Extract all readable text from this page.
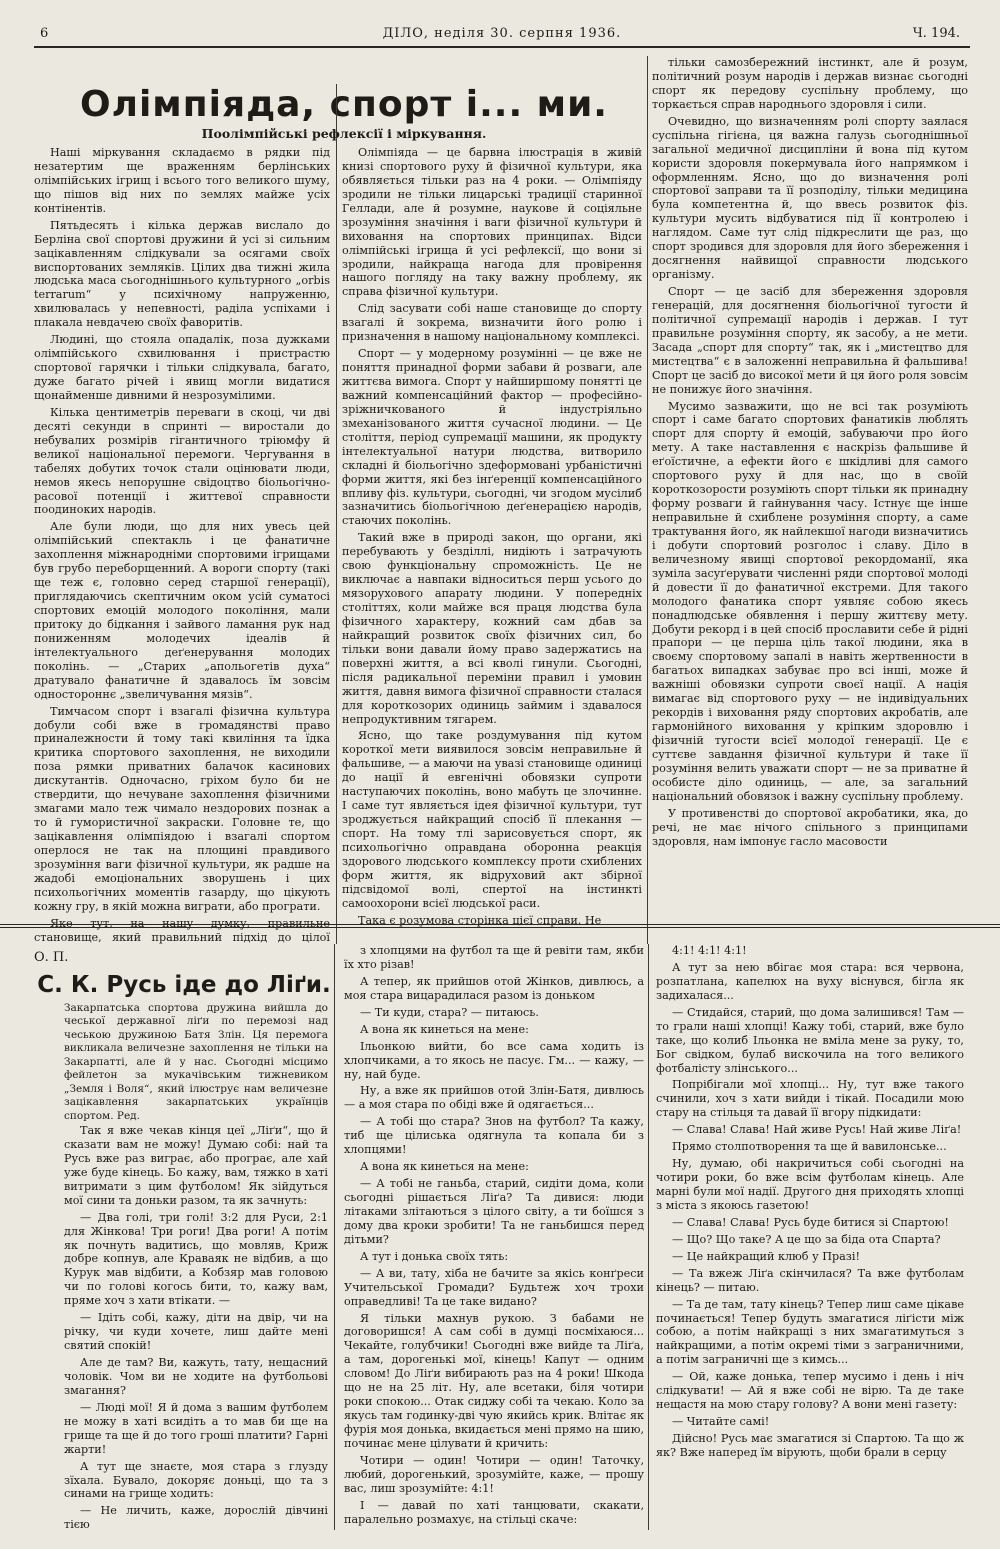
6	ДІЛО, неділя 30. серпня 1936.	Ч. 194.
Олімпіяда, спорт і... ми.
Поолімпійські рефлексії і міркування.

Наші міркування складаємо в рядки під незатертим ще враженням берлінських олімпійських ігрищ і всього того великого шуму, що пішов від них по землях майже усіх контінентів.

Пятьдесять і кілька держав вислало до Берліна свої спортові дружини й усі зі сильним зацікавленням слідкували за осягами своїх виспортованих земляків. Цілих два тижні жила людська маса сьогоднішнього культурного „orbis terrarum“ у психічному напруженню, хвилювалась у непевності, раділа успіхами і плакала невдачею своїх фаворитів.

Людині, що стояла опадалік, поза дужками олімпійського схвилювання і пристрастю спортової гарячки і тільки слідкувала, багато, дуже багато річей і явищ могли видатися щонайменше дивними й незрозумілими.

Кілька центиметрів переваги в скоці, чи дві десяті секунди в спринті — виростали до небувалих розмірів гігантичного тріюмфу й великої національної перемоги. Чергування в табелях добутих точок стали оцінювати люди, немов якесь непорушне свідоцтво біольогічно-расової потенції і життевої справности поодиноких народів.

Але були люди, що для них увесь цей олімпійський спектакль і це фанатичне захоплення міжнародніми спортовими ігрищами був грубо переборщенний. А вороги спорту (такі ще теж є, головно серед старшої генерації), приглядаючись скептичним оком усій суматосі спортових емоцій молодого покоління, мали притоку до бідкання і зайвого ламання рук над пониженням молодечих ідеалів й інтелектуального деґенерування молодих поколінь. — „Старих „апольогетів духа“ дратувало фанатичне й здавалось їм зовсім одностороннє „звеличування мязів“.

Тимчасом спорт і взагалі фізична культура добули собі вже в громадянстві право приналежности й тому такі квиління та їдка критика спортового захоплення, не виходили поза рямки приватних балачок касинових дискутантів. Одночасно, гріхом було би не ствердити, що нечуване захоплення фізичними змагами мало теж чимало нездорових познак а то й гумористичної закраски. Головне те, що зацікавлення олімпіядою і взагалі спортом оперлося не так на площині правдивого зрозуміння ваги фізичної культури, як радше на жадобі емоціональних зворушень і цих психольогічних моментів газарду, що цікують кожну гру, в якій можна виграти, або програти.

Яке тут, на нашу думку, правильне становище, який правильний підхід до цілої

Олімпіяда — це барвна ілюстрація в живій книзі спортового руху й фізичної культури, яка обявляється тільки раз на 4 роки. — Олімпіяду зродили не тільки лицарські традиції старинної Геллади, але й розумне, наукове й соціяльне зрозуміння значіння і ваги фізичної культури й виховання на спортових принципах. Відси олімпійські ігрища й усі рефлексії, що вони зі зродили, найкраща нагода для провірення нашого погляду на таку важну проблему, як справа фізичної культури.

Слід засувати собі наше становище до спорту взагалі й зокрема, визначити його ролю і призначення в нашому національному комплексі.

Спорт — у модерному розумінні — це вже не поняття принадної форми забави й розваги, але життєва вимога. Спорт у найширшому понятті це важний компенсаційний фактор — професійно-зріжничкованого й індустріяльно змеханізованого життя сучасної людини. — Це століття, період супремації машини, як продукту інтелектуальної натури людства, витворило складні й біольогічно здеформовані урбаністичні форми життя, які без інґеренції компенсаційного впливу фіз. культури, сьогодні, чи згодом мусілиб зазначитись біольогічною деґенерацією народів, стаючих поколінь.

Такий вже в природі закон, що органи, які перебувають у безділлі, нидіють і затрачують свою функціональну спроможність. Це не виключає а навпаки відноситься перш усього до мязорухового апарату людини. У попередніх століттях, коли майже вся праця людства була фізичного характеру, кожний сам дбав за найкращий розвиток своїх фізичних сил, бо тільки вони давали йому право задержатись на поверхні життя, а всі кволі гинули. Сьогодні, після радикальної переміни правил і умовин життя, давня вимога фізичної справности сталася для короткозорих одиниць займим і здавалося непродуктивним тягарем.

Ясно, що таке роздумування під кутом короткої мети виявилося зовсім неправильне й фальшиве, — а маючи на увазі становище одиниці до нації й евгенічні обовязки супроти наступаючих поколінь, воно мабуть це злочинне. І саме тут являється ідея фізичної культури, тут зроджується найкращий спосіб її плекання — спорт. На тому тлі зарисовується спорт, як психольогічно оправдана оборонна реакція здорового людського комплексу проти схиблених форм життя, як відруховий акт збірної підсвідомої волі, спертої на інстинкті самоохорони всієї людської раси.

Така є розумова сторінка цієї справи. Не

тільки самозбережний інстинкт, але й розум, політичний розум народів і держав визнає сьогодні спорт як передову суспільну проблему, що торкається справ народнього здоровля і сили.

Очевидно, що визначенням ролі спорту заялася суспільна гігієна, ця важна галузь сьогоднішньої загальної медичної дисципліни й вона під кутом користи здоровля покермувала його напрямком і оформленням. Ясно, що до визначення ролі спортової заправи та її розподілу, тільки медицина була компетентна й, що ввесь розвиток фіз. культури мусить відбуватися під її контролею і наглядом. Саме тут слід підкреслити ще раз, що спорт зродився для здоровля для його збереження і досягнення найвищої справности людського організму.

Спорт — це засіб для збереження здоровля генерацій, для досягнення біольогічної тугости й політичної супремації народів і держав. І тут правильне розуміння спорту, як засобу, а не мети. Засада „спорт для спорту“ так, як і „мистецтво для мистецтва“ є в заложенні неправильна й фальшива! Спорт це засіб до високої мети й ця його роля зовсім не понижує його значіння.

Мусимо зазважити, що не всі так розуміють спорт і саме багато спортових фанатиків люблять спорт для спорту й емоцій, забуваючи про його мету. А таке наставлення є наскрізь фальшиве й еґоїстичне, а ефекти його є шкідливі для самого спортового руху й для нас, що в своїй короткозорости розуміють спорт тільки як принадну форму розваги й гайнування часу. Істнує ще інше неправильне й схиблене розуміння спорту, а саме трактування його, як найлекшої нагоди визначитись і добути спортовий розголос і славу. Діло в величезному явищі спортової рекордоманії, яка зуміла засуґерувати численні ряди спортової молоді й довести її до фанатичної екстреми. Для такого молодого фанатика спорт уявляє собою якесь понадлюдське обявлення і першу життєву мету. Добути рекорд і в цей спосіб прославити себе й рідні прапори — це перша ціль такої людини, яка в своєму спортовому запалі в навіть жертвенности в багатьох випадках забуває про всі інші, може й важніші обовязки супроти своєї нації. А нація вимагає від спортового руху — не індивідуальних рекордів і виховання ряду спортових акробатів, але гармонійного виховання у кріпким здоровлю і фізичній тугости всієї молодої генерації. Це є суттєве завдання фізичної культури й таке її розуміння велить уважати спорт — не за приватне й особисте діло одиниць, — але, за загальний національний обовязок і важну суспільну проблему.

У противенстві до спортової акробатики, яка, до речі, не має нічого спільного з принципами здоровля, нам імпонує гасло масовости

О. П.
С. К. Русь іде до Ліґи.
Закарпатська спортова дружина вийшла до чеської державної ліґи по перемозі над чеською дружиною Батя Злін. Ця перемога викликала величезне захоплення не тільки на Закарпатті, але й у нас. Сьогодні місцимо фейлетон за мукачівським тижневиком „Земля і Воля“, який ілюструє нам величезне зацікавлення закарпатських українців спортом. Ред.

Так я вже чекав кінця цеї „Ліґи“, що й сказати вам не можу! Думаю собі: най та Русь вже раз виграє, або програє, але хай уже буде кінець. Бо кажу, вам, тяжко в хаті витримати з цим футболом! Як зійдуться мої сини та доньки разом, та як зачнуть:

— Два голі, три голі! 3:2 для Руси, 2:1 для Жінкова! Три роги! Два роги! А потім як почнуть вадитись, що мовляв, Криж добре копнув, але Краваяк не відбив, а що Курук мав відбити, а Кобзяр мав головою чи по голові когось бити, то, кажу вам, пряме хоч з хати втікати. —

— Ідіть собі, кажу, діти на двір, чи на річку, чи куди хочете, лиш дайте мені святий спокій!

Але де там? Ви, кажуть, тату, нещасний чоловік. Чом ви не ходите на футбольові змагання?

— Люді мої! Я й дома з вашим футболем не можу в хаті всидіть а то мав би ще на грище та ще й до того гроші платити? Гарні жарти!

А тут ще знаєте, моя стара з глузду зїхала. Бувало, докоряє доньці, що та з синами на грище ходить:

— Не личить, каже, дорослій дівчині тією

з хлопцями на футбол та ще й ревіти там, якби їх хто різав!

А тепер, як прийшов отой Жінков, дивлюсь, а моя стара вицарадилася разом із доньком

— Ти куди, стара? — питаюсь.

А вона як кинеться на мене:

Ільонкою вийти, бо все сама ходить із хлопчиками, а то якось не пасує. Гм... — кажу, — ну, най буде.

Ну, а вже як прийшов отой Злін-Батя, дивлюсь — а моя стара по обіді вже й одягається...

— А тобі що стара? Знов на футбол? Та кажу, тиб ще цілиська одягнула та копала би з хлопцями!

А вона як кинеться на мене:

— А тобі не ганьба, старий, сидіти дома, коли сьогодні рішається Ліґа? Та дивися: люди літаками злітаються з цілого світу, а ти боїшся з дому два кроки зробити! Та не ганьбишся перед дітьми?

А тут і донька своїх тять:

— А ви, тату, хіба не бачите за якісь конґреси Учительської Громади? Будьтеж хоч трохи оправедливі! Та це таке видано?

Я тільки махнув рукою. З бабами не договоришся! А сам собі в думці посміхаюся... Чекайте, голубчики! Сьогодні вже вийде та Ліґа, а там, дорогенькі мої, кінець! Капут — одним словом! До Ліґи вибирають раз на 4 роки! Шкода що не на 25 літ. Ну, але всетаки, біля чотири роки спокою... Отак сиджу собі та чекаю. Коло за якусь там годинку-дві чую якийсь крик. Влітає як фурія моя донька, вкидається мені прямо на шию, починає мене цілувати й кричить:

Чотири — один! Чотири — один! Таточку, любий, дорогенький, зрозумійте, каже, — прошу вас, лиш зрозумійте: 4:1!

І — давай по хаті танцювати, скакати, паралельно розмахує, на стільці скаче:

4:1! 4:1! 4:1!

А тут за нею вбігає моя стара: вся червона, розпатлана, капелюх на вуху віснувся, бігла як задихалася...

— Стидайся, старий, що дома залишився! Там — то грали наші хлопці! Кажу тобі, старий, вже було таке, що колиб Ільонка не вміла мене за руку, то, Бог свідком, булаб вискочила на того великого фотбалісту злінського...

Попрібігали мої хлопці... Ну, тут вже такого счинили, хоч з хати вийди і тікай. Посадили мою стару на стільця та давай її вгору підкидати:

— Слава! Слава! Най живе Русь! Най живе Ліґа!

Прямо столпотворення та ще й вавилонське...

Ну, думаю, обі накричиться собі сьогодні на чотири роки, бо вже всім футболам кінець. Але марні були мої надії. Другого дня приходять хлопці з міста з якоюсь газетою!

— Слава! Слава! Русь буде битися зі Спартою!

— Що? Що таке? А це що за біда ота Спарта?

— Це найкращий клюб у Празі!

— Та вжеж Ліґа скінчилася? Та вже футболам кінець? — питаю.

— Та де там, тату кінець? Тепер лиш саме цікаве починається! Тепер будуть змагатися ліґісти між собою, а потім найкращі з них змагатимуться з найкращими, а потім окремі тіми з заграничними, а потім заграничні ще з кимсь...

— Ой, каже донька, тепер мусимо і день і ніч слідкувати! — Ай я вже собі не вірю. Та де таке нещастя на мою стару голову? А вони мені газету:

— Читайте самі!

Дійсно! Русь має змагатися зі Спартою. Та що ж як? Вже наперед їм вірують, щоби брали в серцу
